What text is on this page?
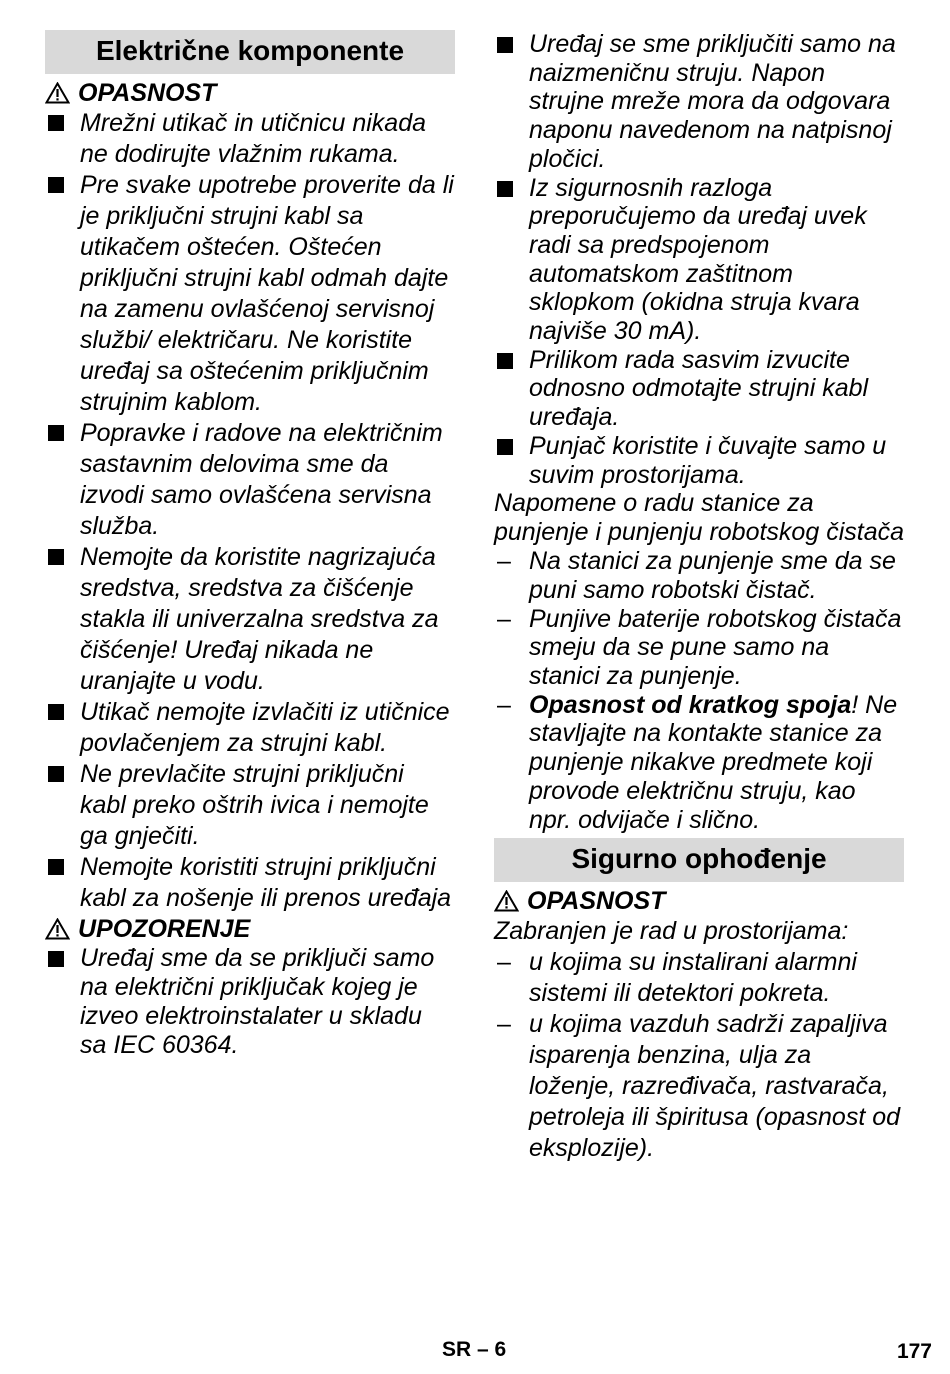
Električne komponente
OPASNOST
Mrežni utikač in utičnicu nikada ne dodirujte vlažnim rukama.
Pre svake upotrebe proverite da li je priključni strujni kabl sa utikačem oštećen. Oštećen priključni strujni kabl odmah dajte na zamenu ovlašćenoj servisnoj službi/ električaru. Ne koristite uređaj sa oštećenim priključnim strujnim kablom.
Popravke i radove na električnim sastavnim delovima sme da izvodi samo ovlašćena servisna služba.
Nemojte da koristite nagrizajuća sredstva, sredstva za čišćenje stakla ili univerzalna sredstva za čišćenje! Uređaj nikada ne uranjajte u vodu.
Utikač nemojte izvlačiti iz utičnice povlačenjem za strujni kabl.
Ne prevlačite strujni priključni kabl preko oštrih ivica i nemojte ga gnječiti.
Nemojte koristiti strujni priključni kabl za nošenje ili prenos uređaja
UPOZORENJE
Uređaj sme da se priključi samo na električni priključak kojeg je izveo elektroinstalater u skladu sa IEC 60364.
Uređaj se sme priključiti samo na naizmeničnu struju. Napon strujne mreže mora da odgovara naponu navedenom na natpisnoj pločici.
Iz sigurnosnih razloga preporučujemo da uređaj uvek radi sa predspojenom automatskom zaštitnom sklopkom (okidna struja kvara najviše 30 mA).
Prilikom rada sasvim izvucite odnosno odmotajte strujni kabl uređaja.
Punjač koristite i čuvajte samo u suvim prostorijama.

Napomene o radu stanice za punjenje i punjenju robotskog čistača

– Na stanici za punjenje sme da se puni samo robotski čistač.
– Punjive baterije robotskog čistača smeju da se pune samo na stanici za punjenje.
– Opasnost od kratkog spoja! Ne stavljajte na kontakte stanice za punjenje nikakve predmete koji provode električnu struju, kao npr. odvijače i slično.
Sigurno ophođenje
OPASNOST

Zabranjen je rad u prostorijama:

– u kojima su instalirani alarmni sistemi ili detektori pokreta.
– u kojima vazduh sadrži zapaljiva isparenja benzina, ulja za loženje, razređivača, rastvarača, petroleja ili špiritusa (opasnost od eksplozije).
SR – 6	177
